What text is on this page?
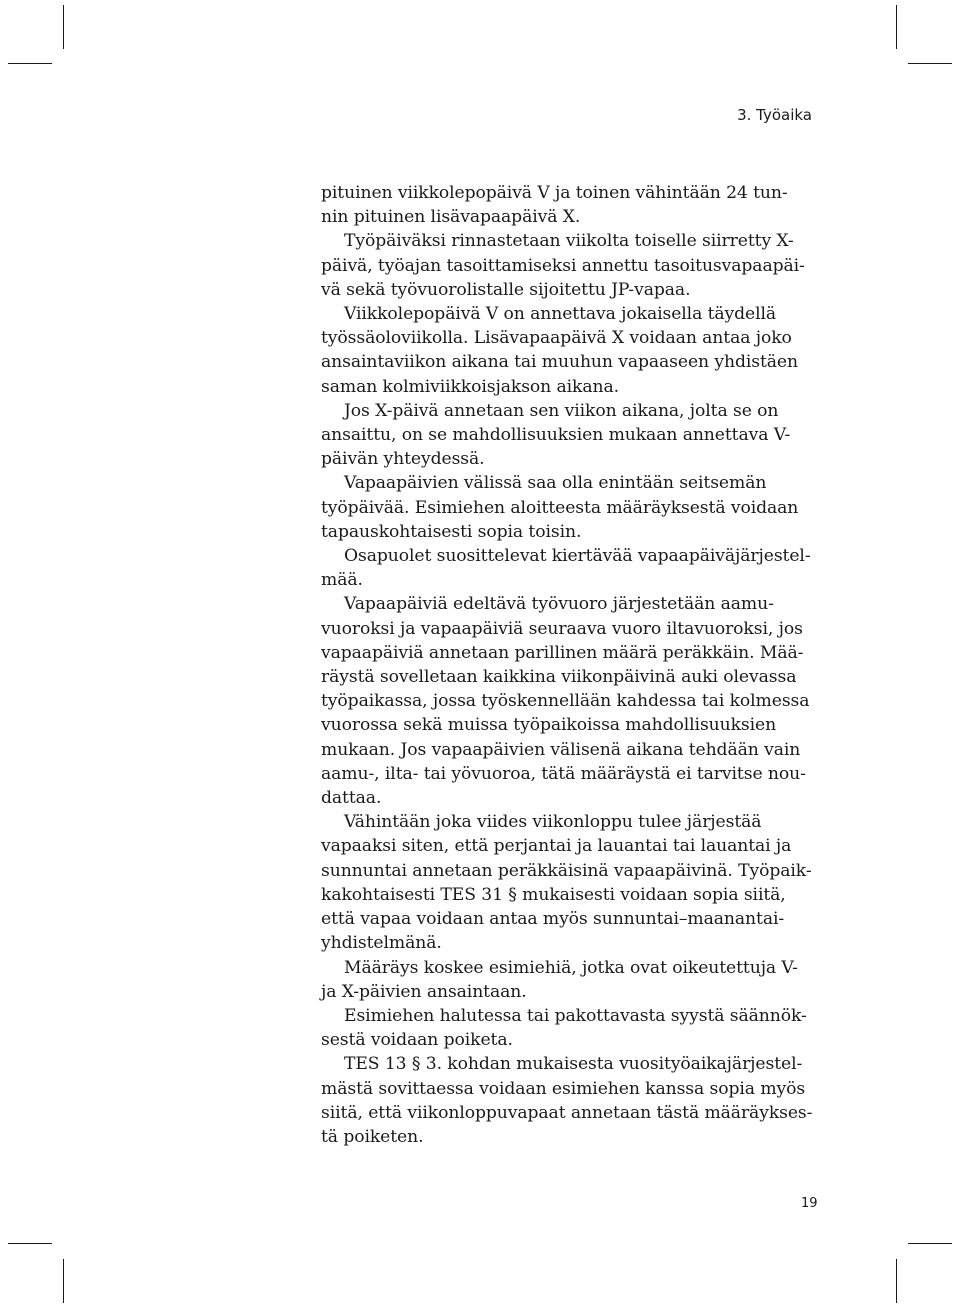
3. Työaika
pituinen viikkolepopäivä V ja toinen vähintään 24 tun-
nin pituinen lisävapaapäivä X.
Työpäiväksi rinnastetaan viikolta toiselle siirretty X-
päivä, työajan tasoittamiseksi annettu tasoitusvapaapäi-
vä sekä työvuorolistalle sijoitettu JP-vapaa.
Viikkolepopäivä V on annettava jokaisella täydellä
työssäoloviikolla. Lisävapaapäivä X voidaan antaa joko
ansaintaviikon aikana tai muuhun vapaaseen yhdistäen
saman kolmiviikkoisjakson aikana.
Jos X-päivä annetaan sen viikon aikana, jolta se on
ansaittu, on se mahdollisuuksien mukaan annettava V-
päivän yhteydessä.
Vapaapäivien välissä saa olla enintään seitsemän
työpäivää. Esimiehen aloitteesta määräyksestä voidaan
tapauskohtaisesti sopia toisin.
Osapuolet suosittelevat kiertävää vapaapäiväjärjestel-
mää.
Vapaapäiviä edeltävä työvuoro järjestetään aamu-
vuoroksi ja vapaapäiviä seuraava vuoro iltavuoroksi, jos
vapaapäiviä annetaan parillinen määrä peräkkäin. Mää-
räystä sovelletaan kaikkina viikonpäivinä auki olevassa
työpaikassa, jossa työskennellään kahdessa tai kolmessa
vuorossa sekä muissa työpaikoissa mahdollisuuksien
mukaan. Jos vapaapäivien välisenä aikana tehdään vain
aamu-, ilta- tai yövuoroa, tätä määräystä ei tarvitse nou-
dattaa.
Vähintään joka viides viikonloppu tulee järjestää
vapaaksi siten, että perjantai ja lauantai tai lauantai ja
sunnuntai annetaan peräkkäisinä vapaapäivinä. Työpaik-
kakohtaisesti TES 31 § mukaisesti voidaan sopia siitä,
että vapaa voidaan antaa myös sunnuntai–maanantai-
yhdistelmänä.
Määräys koskee esimiehiä, jotka ovat oikeutettuja V-
ja X-päivien ansaintaan.
Esimiehen halutessa tai pakottavasta syystä säännök-
sestä voidaan poiketa.
TES 13 § 3. kohdan mukaisesta vuosityöaikajärjestel-
mästä sovittaessa voidaan esimiehen kanssa sopia myös
siitä, että viikonloppuvapaat annetaan tästä määräykses-
tä poiketen.
19
